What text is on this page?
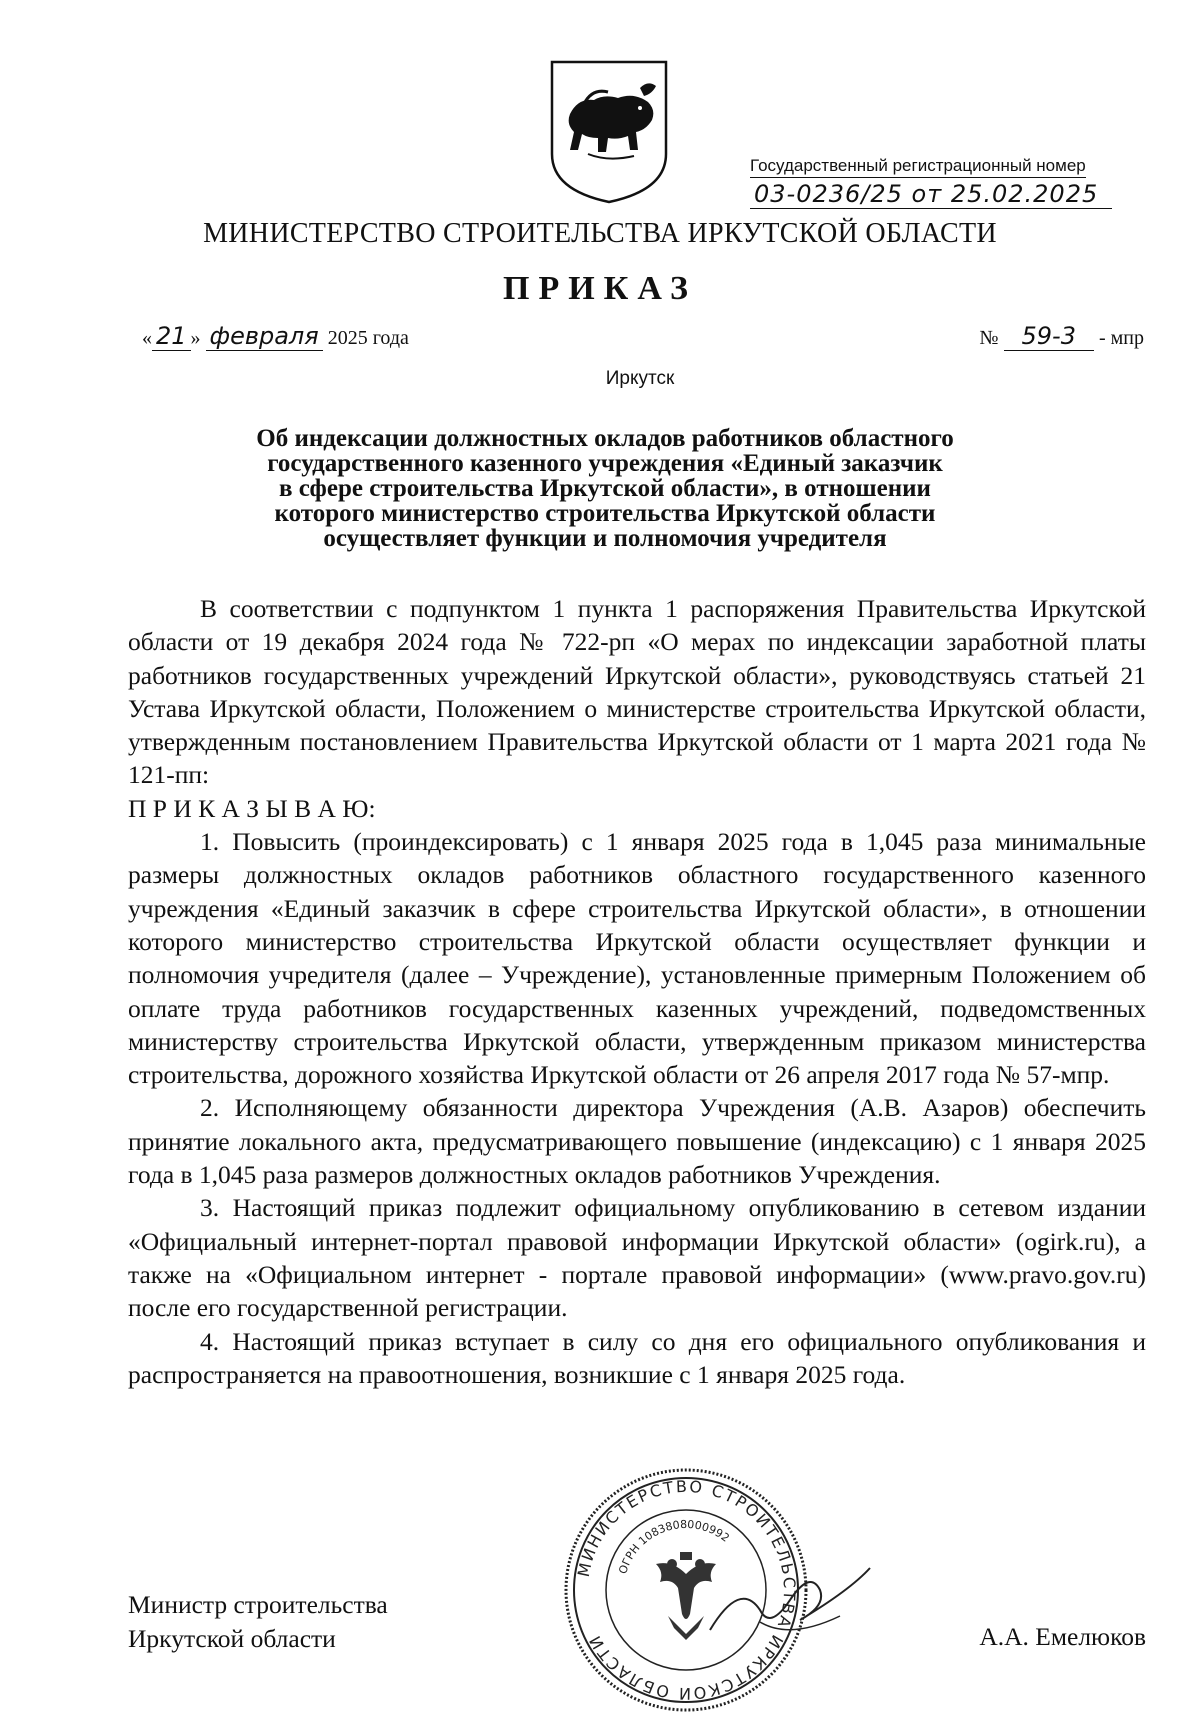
Государственный регистрационный номер
03-0236/25 от 25.02.2025
МИНИСТЕРСТВО СТРОИТЕЛЬСТВА ИРКУТСКОЙ ОБЛАСТИ
ПРИКАЗ
« 21 » февраля 2025 года	№ 59-3 - мпр
Иркутск
Об индексации должностных окладов работников областного
государственного казенного учреждения «Единый заказчик
в сфере строительства Иркутской области», в отношении
которого министерство строительства Иркутской области
осуществляет функции и полномочия учредителя

В соответствии с подпунктом 1 пункта 1 распоряжения Правительства Иркутской области от 19 декабря 2024 года № 722-рп «О мерах по индексации заработной платы работников государственных учреждений Иркутской области», руководствуясь статьей 21 Устава Иркутской области, Положением о министерстве строительства Иркутской области, утвержденным постановлением Правительства Иркутской области от 1 марта 2021 года № 121-пп:

П Р И К А З Ы В А Ю:

1. Повысить (проиндексировать) с 1 января 2025 года в 1,045 раза минимальные размеры должностных окладов работников областного государственного казенного учреждения «Единый заказчик в сфере строительства Иркутской области», в отношении которого министерство строительства Иркутской области осуществляет функции и полномочия учредителя (далее – Учреждение), установленные примерным Положением об оплате труда работников государственных казенных учреждений, подведомственных министерству строительства Иркутской области, утвержденным приказом министерства строительства, дорожного хозяйства Иркутской области от 26 апреля 2017 года № 57-мпр.

2. Исполняющему обязанности директора Учреждения (А.В. Азаров) обеспечить принятие локального акта, предусматривающего повышение (индексацию) с 1 января 2025 года в 1,045 раза размеров должностных окладов работников Учреждения.

3. Настоящий приказ подлежит официальному опубликованию в сетевом издании «Официальный интернет-портал правовой информации Иркутской области» (ogirk.ru), а также на «Официальном интернет - портале правовой информации» (www.pravo.gov.ru) после его государственной регистрации.

4. Настоящий приказ вступает в силу со дня его официального опубликования и распространяется на правоотношения, возникшие с 1 января 2025 года.

Министр строительства
Иркутской области	А.А. Емелюков
МИНИСТЕРСТВО СТРОИТЕЛЬСТВА ИРКУТСКОЙ ОБЛАСТИ
ОГРН 1083808000992
